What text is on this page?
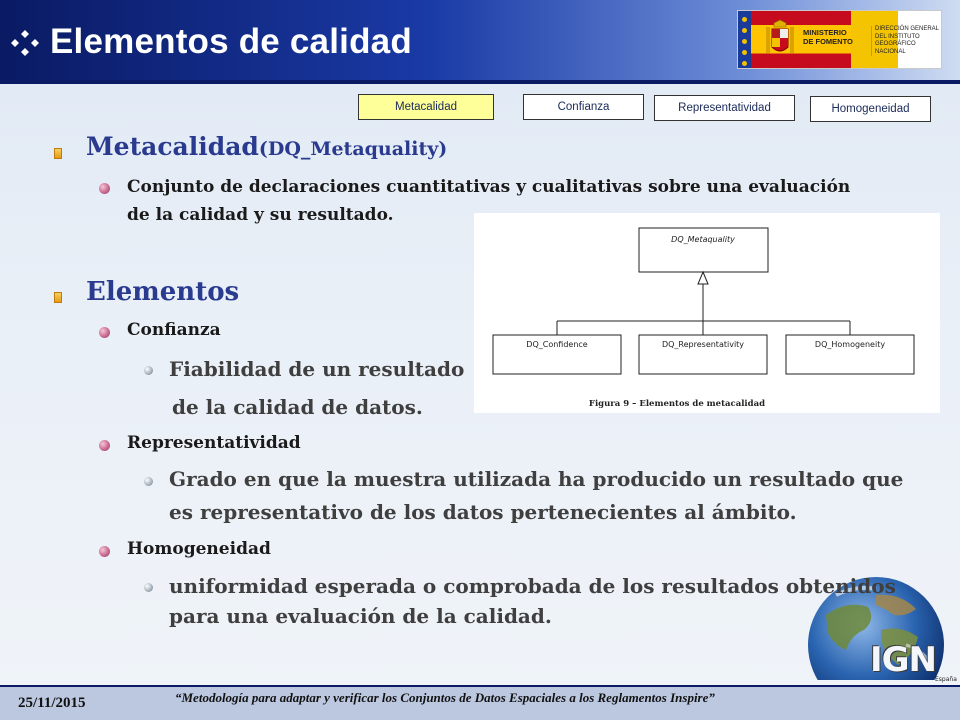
Elementos de calidad	MINISTERIO
DE FOMENTO
DIRECCIÓN GENERAL
DEL INSTITUTO
GEOGRÁFICO NACIONAL
Metacalidad	Confianza	Representatividad	Homogeneidad
Metacalidad(DQ_Metaquality)
Conjunto de declaraciones cuantitativas y cualitativas sobre una evaluación
de la calidad y su resultado.
Elementos
Confianza
Fiabilidad de un resultado
de la calidad de datos.
Representatividad
Grado en que la muestra utilizada ha producido un resultado que
es representativo de los datos pertenecientes al ámbito.
Homogeneidad
uniformidad esperada o comprobada de los resultados obtenidos
para una evaluación de la calidad.
IGN
España
DQ_Metaquality
DQ_Confidence	DQ_Representativity	DQ_Homogeneity
Figura 9 – Elementos de metacalidad
25/11/2015	“Metodología para adaptar y verificar los Conjuntos de Datos Espaciales a los Reglamentos Inspire”
